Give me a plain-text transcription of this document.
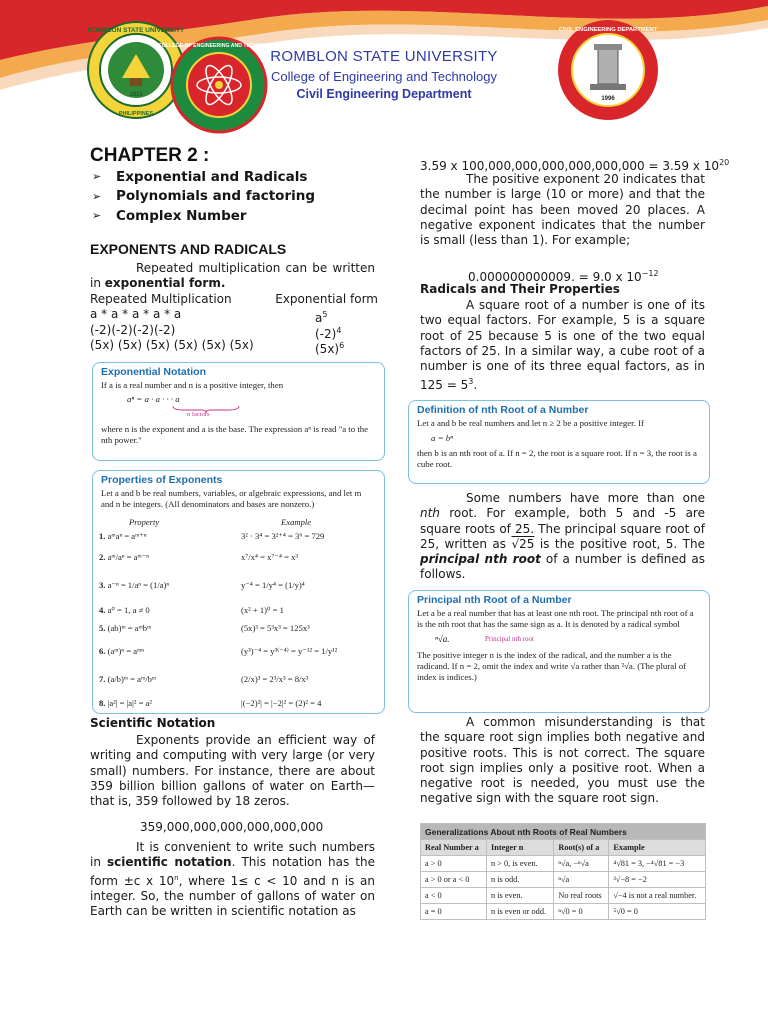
ROMBLON STATE UNIVERSITY
PHILIPPINES
1915
COLLEGE OF ENGINEERING AND TECHNOLOGY
ROMBLON STATE UNIVERSITY
College of Engineering and Technology
Civil Engineering Department
CIVIL ENGINEERING DEPARTMENT
1996
CHAPTER 2 :
➢	Exponential and Radicals
➢	Polynomials and factoring
➢	Complex Number
EXPONENTS AND RADICALS
Repeated multiplication can be written in exponential form.
Repeated Multiplication	Exponential form
a * a * a * a * a	$a^5$
(-2)(-2)(-2)(-2)	$(-2)^4$
(5x) (5x) (5x) (5x) (5x) (5x)	$(5x)^6$
Exponential Notation
If a is a real number and n is a positive integer, then
aⁿ = a · a · · · a
n factors
where n is the exponent and a is the base. The expression aⁿ is read "a to the nth power."
Properties of Exponents
Let a and b be real numbers, variables, or algebraic expressions, and let m and n be integers. (All denominators and bases are nonzero.)
Property	Example
1. aᵐaⁿ = aᵐ⁺ⁿ	3² · 3⁴ = 3²⁺⁴ = 3⁶ = 729
2. aᵐ/aⁿ = aᵐ⁻ⁿ	x⁷/x⁴ = x⁷⁻⁴ = x³
3. a⁻ⁿ = 1/aⁿ = (1/a)ⁿ	y⁻⁴ = 1/y⁴ = (1/y)⁴
4. a⁰ = 1, a ≠ 0	(x² + 1)⁰ = 1
5. (ab)ᵐ = aᵐbᵐ	(5x)³ = 5³x³ = 125x³
6. (aᵐ)ⁿ = aᵐⁿ	(y³)⁻⁴ = y³⁽⁻⁴⁾ = y⁻¹² = 1/y¹²
7. (a/b)ᵐ = aᵐ/bᵐ	(2/x)³ = 2³/x³ = 8/x³
8. |a²| = |a|² = a²	|(−2)²| = |−2|² = (2)² = 4
Scientific Notation
Exponents provide an efficient way of writing and computing with very large (or very small) numbers. For instance, there are about 359 billion billion gallons of water on Earth—that is, 359 followed by 18 zeros.
359,000,000,000,000,000,000
It is convenient to write such numbers in scientific notation. This notation has the form ±c x 10$^n$, where 1≤ c < 10 and n is an integer. So, the number of gallons of water on Earth can be written in scientific notation as
3.59 x 100,000,000,000,000,000,000 = 3.59 x $10^{20}$
The positive exponent 20 indicates that the number is large (10 or more) and that the decimal point has been moved 20 places. A negative exponent indicates that the number is small (less than 1). For example;
0.000000000009. = 9.0 x $10^{-12}$
Radicals and Their Properties
A square root of a number is one of its two equal factors. For example, 5 is a square root of 25 because 5 is one of the two equal factors of 25. In a similar way, a cube root of a number is one of its three equal factors, as in $125 = 5^3$.
Definition of nth Root of a Number
Let a and b be real numbers and let n ≥ 2 be a positive integer. If
a = bⁿ
then b is an nth root of a. If n = 2, the root is a square root. If n = 3, the root is a cube root.
Some numbers have more than one nth root. For example, both 5 and -5 are square roots of 25. The principal square root of 25, written as √25 is the positive root, 5. The principal nth root of a number is defined as follows.
Principal nth Root of a Number
Let a be a real number that has at least one nth root. The principal nth root of a is the nth root that has the same sign as a. It is denoted by a radical symbol
ⁿ√a.	Principal nth root
The positive integer n is the index of the radical, and the number a is the radicand. If n = 2, omit the index and write √a rather than ²√a. (The plural of index is indices.)
A common misunderstanding is that the square root sign implies both negative and positive roots. This is not correct. The square root sign implies only a positive root. When a negative root is needed, you must use the negative sign with the square root sign.
Generalizations About nth Roots of Real Numbers			
Real Number a	Integer n	Root(s) of a	Example
a > 0	n > 0, is even.	ⁿ√a, −ⁿ√a	⁴√81 = 3, −⁴√81 = −3
a > 0 or a < 0	n is odd.	ⁿ√a	³√−8 = −2
a < 0	n is even.	No real roots	√−4 is not a real number.
a = 0	n is even or odd.	ⁿ√0 = 0	⁵√0 = 0
